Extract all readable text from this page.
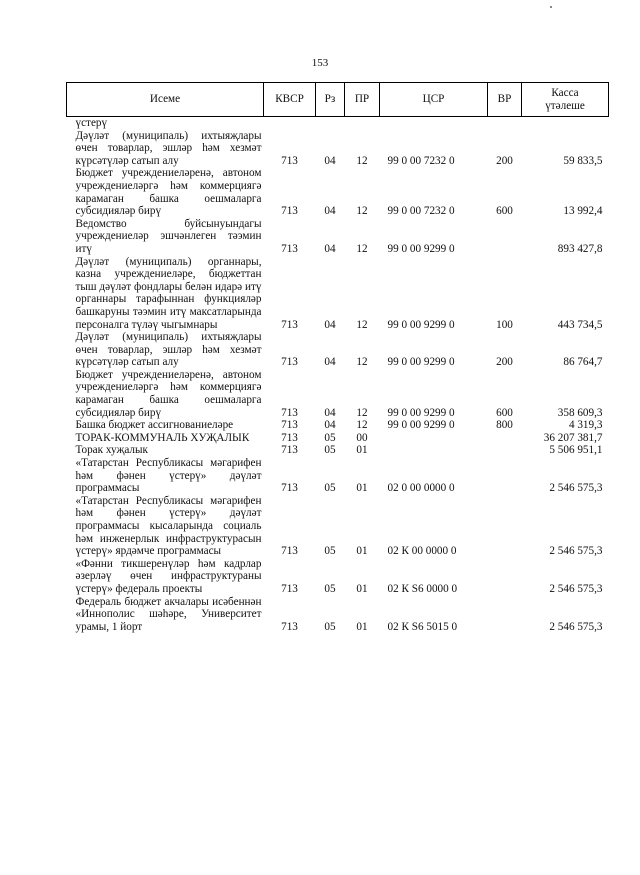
153
Исеме	КВСР	Рз	ПР	ЦСР	ВР	Касса
үтәлеше
үстерү						
Дәүләт (муниципаль) ихтыяҗлары өчен товарлар, эшләр һәм хезмәт күрсәтүләр сатып алу	713	04	12	99 0 00 7232 0	200	59 833,5
Бюджет учреждениеләренә, автоном учреждениеләргә һәм коммерциягә карамаган башка оешмаларга субсидияләр бирү	713	04	12	99 0 00 7232 0	600	13 992,4
Ведомство буйсынуындагы учреждениеләр эшчәнлеген тәэмин итү	713	04	12	99 0 00 9299 0		893 427,8
Дәүләт (муниципаль) органнары, казна учреждениеләре, бюджеттан тыш дәүләт фондлары белән идарә итү органнары тарафыннан функцияләр башкаруны тәэмин итү максатларында персоналга түләү чыгымнары	713	04	12	99 0 00 9299 0	100	443 734,5
Дәүләт (муниципаль) ихтыяҗлары өчен товарлар, эшләр һәм хезмәт күрсәтүләр сатып алу	713	04	12	99 0 00 9299 0	200	86 764,7
Бюджет учреждениеләренә, автоном учреждениеләргә һәм коммерциягә карамаган башка оешмаларга субсидияләр бирү	713	04	12	99 0 00 9299 0	600	358 609,3
Башка бюджет ассигнованиеләре	713	04	12	99 0 00 9299 0	800	4 319,3
ТОРАК-КОММУНАЛЬ ХУҖАЛЫК	713	05	00			36 207 381,7
Торак хуҗалык	713	05	01			5 506 951,1
«Татарстан Республикасы мәгарифен һәм фәнен үстерү» дәүләт программасы	713	05	01	02 0 00 0000 0		2 546 575,3
«Татарстан Республикасы мәгарифен һәм фәнен үстерү» дәүләт программасы кысаларында социаль һәм инженерлык инфраструктурасын үстерү» ярдәмче программасы	713	05	01	02 К 00 0000 0		2 546 575,3
«Фәнни тикшеренүләр һәм кадрлар әзерләү өчен инфраструктураны үстерү» федераль проекты	713	05	01	02 К S6 0000 0		2 546 575,3
Федераль бюджет акчалары исәбеннән «Иннополис шәһәре, Университет урамы, 1 йорт	713	05	01	02 К S6 5015 0		2 546 575,3
